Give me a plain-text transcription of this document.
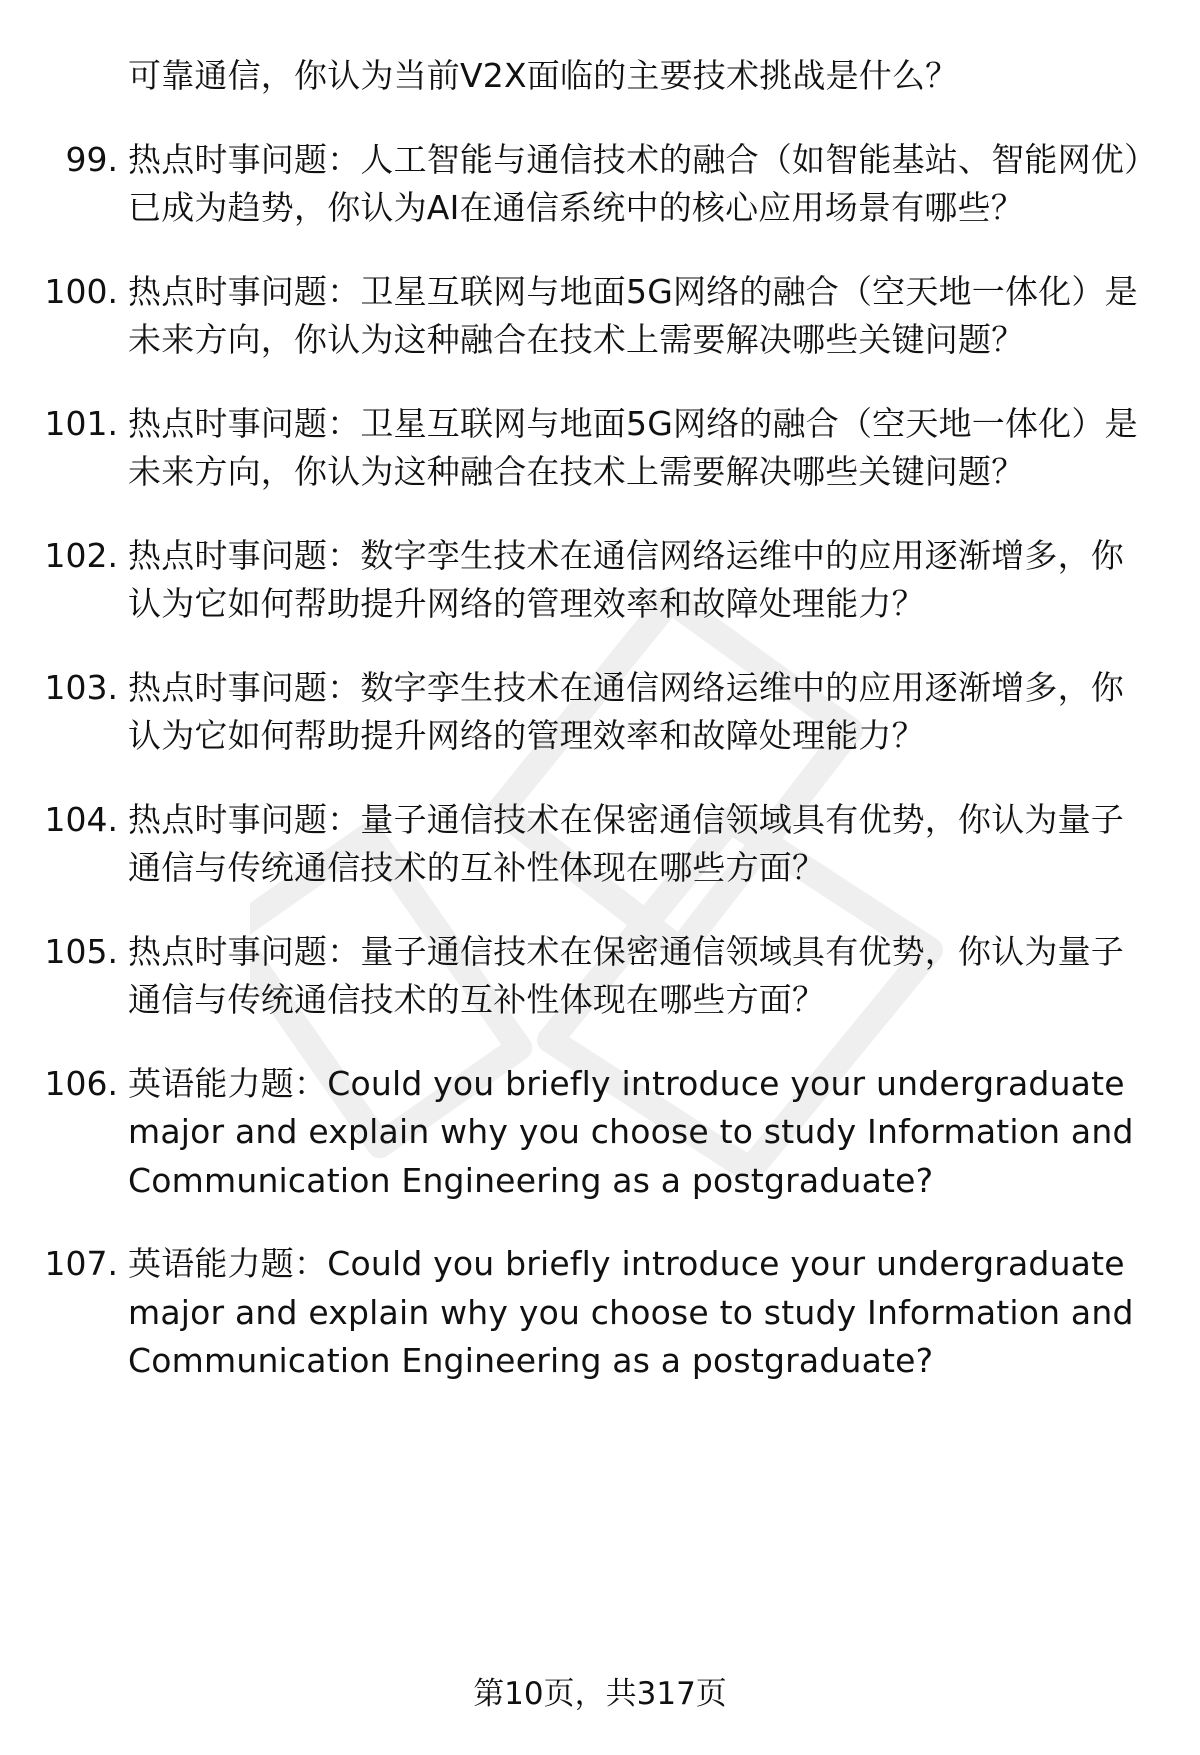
可靠通信，你认为当前V2X面临的主要技术挑战是什么？
99. 热点时事问题：人工智能与通信技术的融合（如智能基站、智能网优）已成为趋势，你认为AI在通信系统中的核心应用场景有哪些？
100. 热点时事问题：卫星互联网与地面5G网络的融合（空天地一体化）是未来方向，你认为这种融合在技术上需要解决哪些关键问题？
101. 热点时事问题：卫星互联网与地面5G网络的融合（空天地一体化）是未来方向，你认为这种融合在技术上需要解决哪些关键问题？
102. 热点时事问题：数字孪生技术在通信网络运维中的应用逐渐增多，你认为它如何帮助提升网络的管理效率和故障处理能力？
103. 热点时事问题：数字孪生技术在通信网络运维中的应用逐渐增多，你认为它如何帮助提升网络的管理效率和故障处理能力？
104. 热点时事问题：量子通信技术在保密通信领域具有优势，你认为量子通信与传统通信技术的互补性体现在哪些方面？
105. 热点时事问题：量子通信技术在保密通信领域具有优势，你认为量子通信与传统通信技术的互补性体现在哪些方面？
106. 英语能力题：Could you briefly introduce your undergraduate major and explain why you choose to study Information and Communication Engineering as a postgraduate?
107. 英语能力题：Could you briefly introduce your undergraduate major and explain why you choose to study Information and Communication Engineering as a postgraduate?
第10页，共317页
